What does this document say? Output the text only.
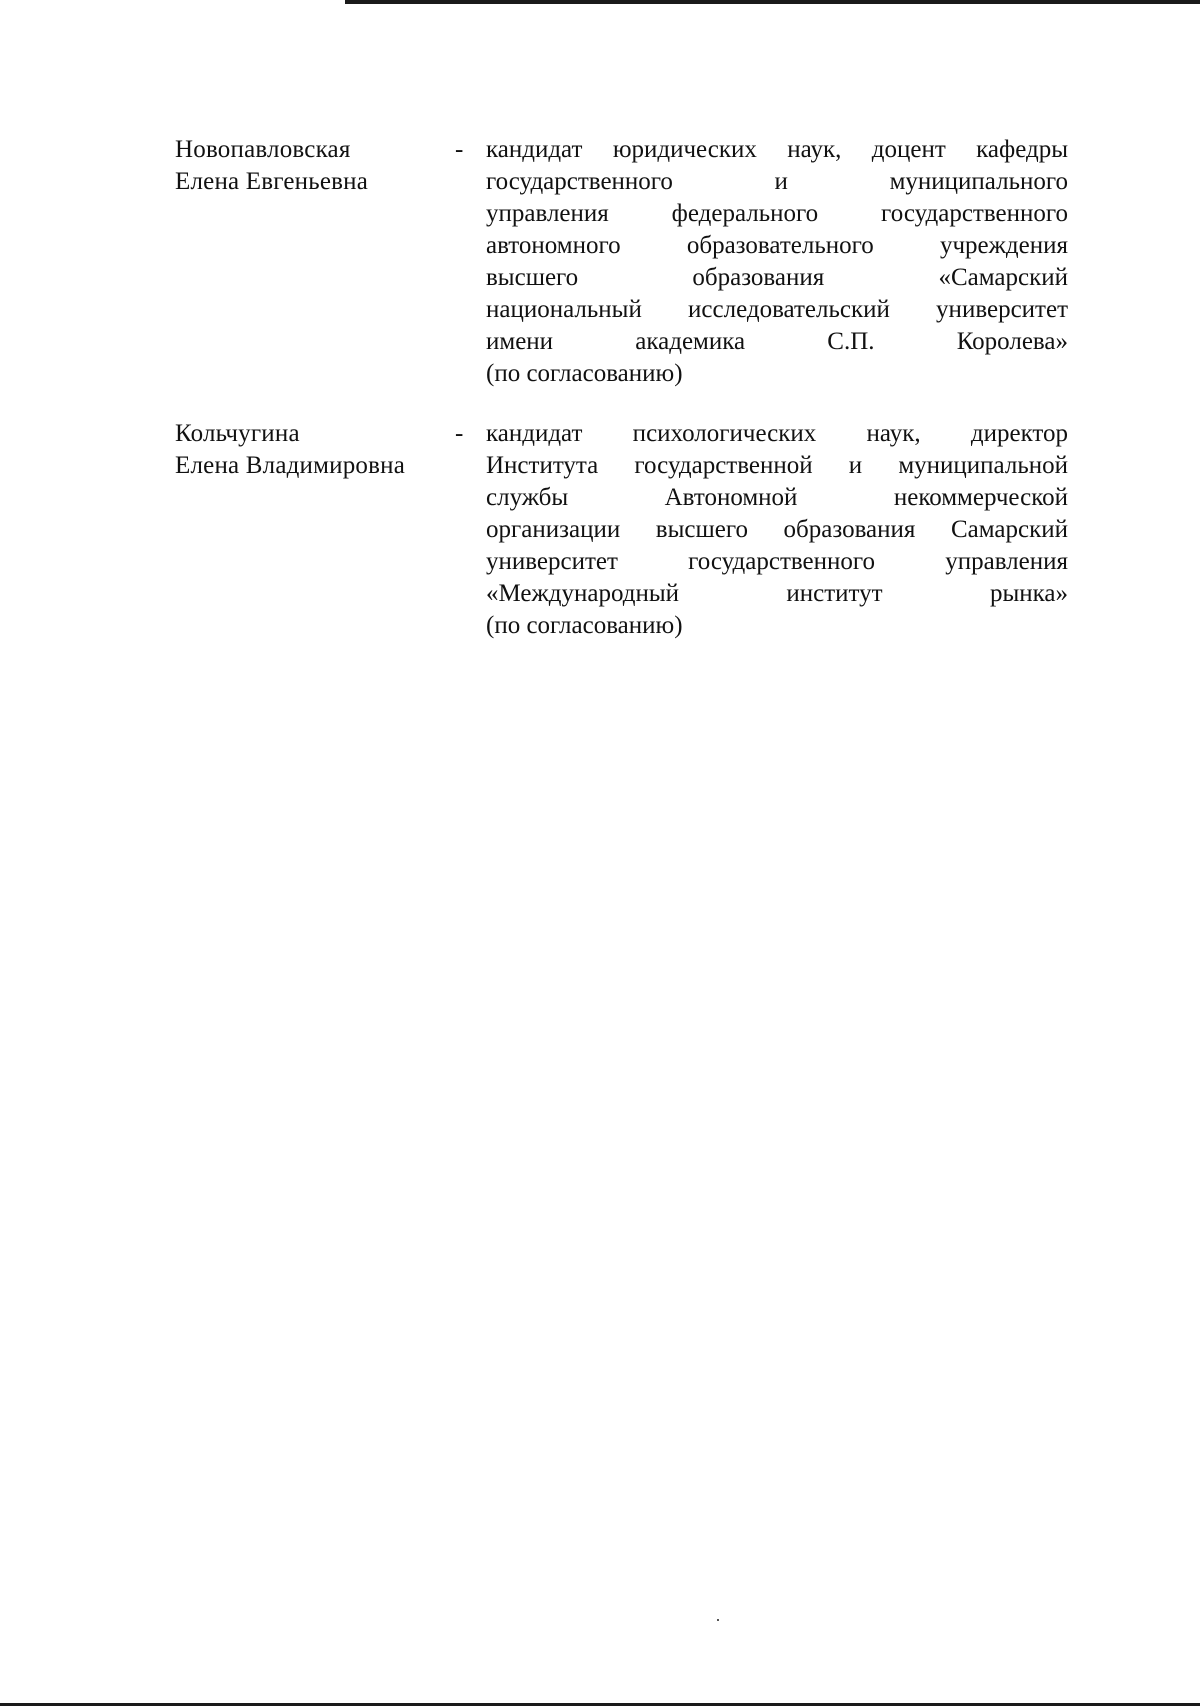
Новопавловская
Елена Евгеньевна
- кандидат юридических наук, доцент кафедры
государственного и муниципального
управления федерального государственного
автономного образовательного учреждения
высшего образования «Самарский
национальный исследовательский университет
имени академика С.П. Королева»
(по согласованию)
Кольчугина
Елена Владимировна
- кандидат психологических наук, директор
Института государственной и муниципальной
службы Автономной некоммерческой
организации высшего образования Самарский
университет государственного управления
«Международный институт рынка»
(по согласованию)
